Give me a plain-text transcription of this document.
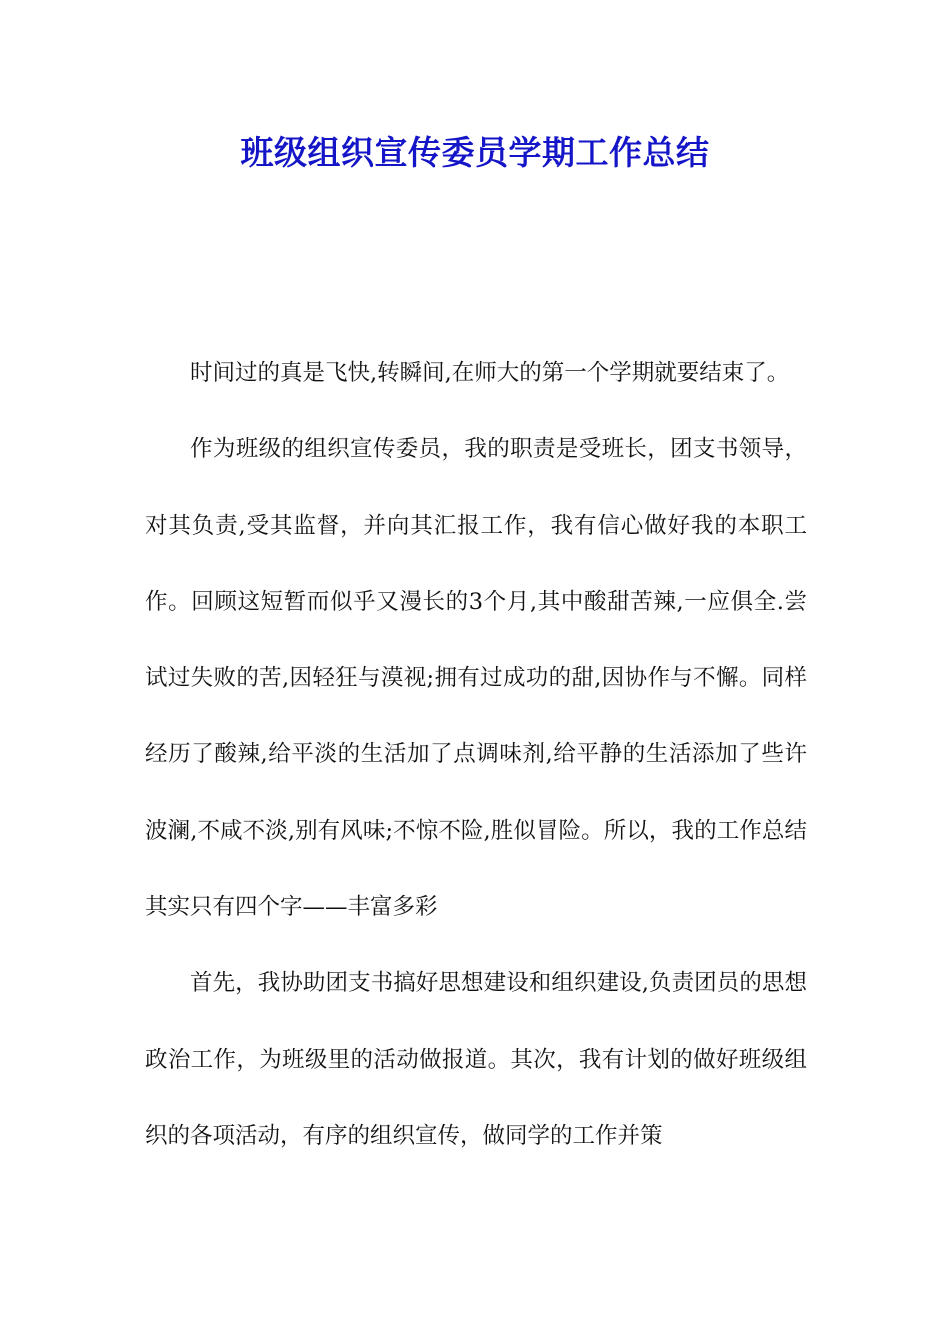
班级组织宣传委员学期工作总结

时间过的真是飞快,转瞬间,在师大的第一个学期就要结束了。

作为班级的组织宣传委员，我的职责是受班长，团支书领导，对其负责,受其监督，并向其汇报工作，我有信心做好我的本职工作。回顾这短暂而似乎又漫长的3个月,其中酸甜苦辣,一应俱全.尝试过失败的苦,因轻狂与漠视;拥有过成功的甜,因协作与不懈。同样经历了酸辣,给平淡的生活加了点调味剂,给平静的生活添加了些许波澜,不咸不淡,别有风味;不惊不险,胜似冒险。所以，我的工作总结其实只有四个字——丰富多彩

首先，我协助团支书搞好思想建设和组织建设,负责团员的思想政治工作，为班级里的活动做报道。其次，我有计划的做好班级组织的各项活动，有序的组织宣传，做同学的工作并策
